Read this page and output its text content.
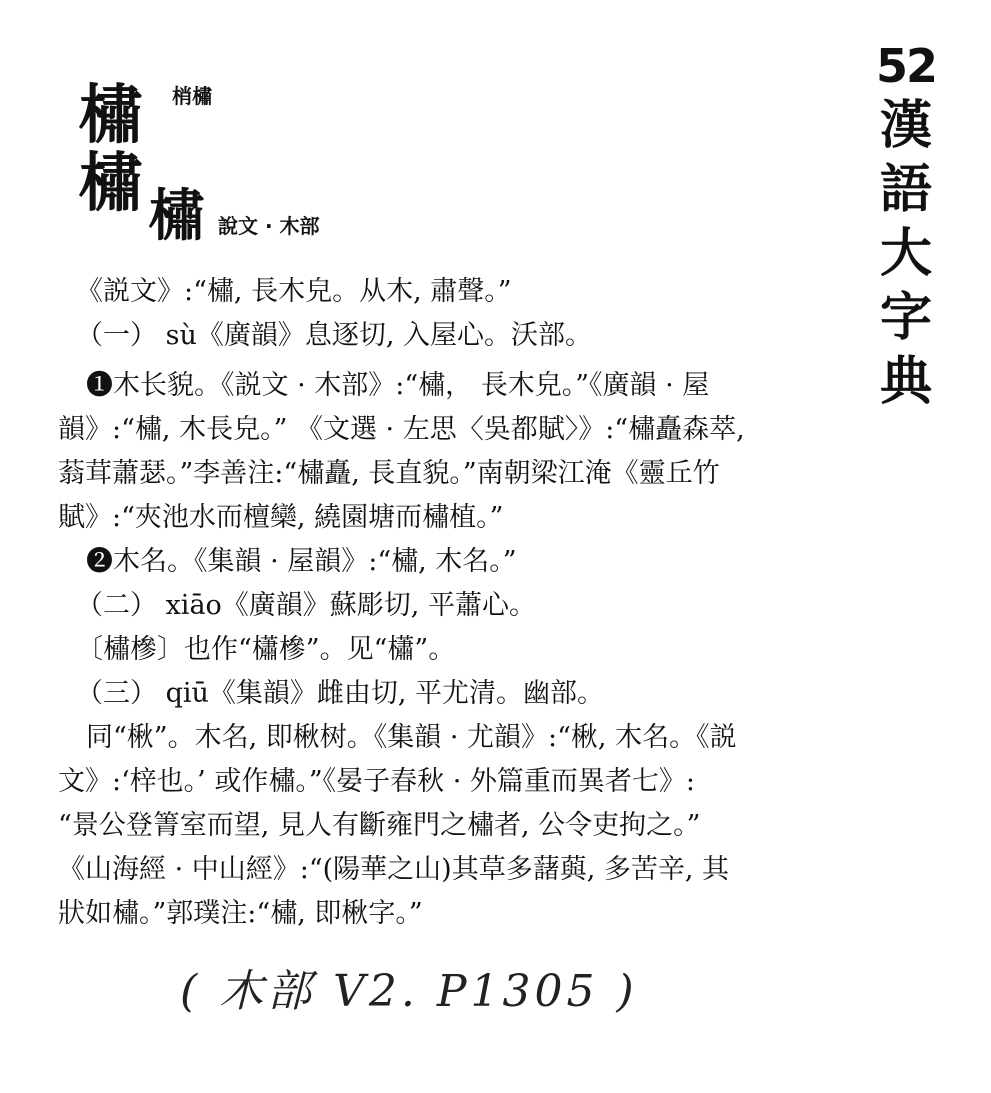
52
漢
語
大
字
典
橚 梢橚
橚 橚 說文 · 木部
《説文》:“橚, 長木皃。从木, 肅聲。”
（一） sù《廣韻》息逐切, 入屋心。沃部。
❶木长貌。《説文 · 木部》:“橚， 長木皃。”《廣韻 · 屋
韻》:“橚, 木長皃。” 《文選 · 左思〈吳都賦〉》:“橚矗森萃,
蓊茸蕭瑟。”李善注:“橚矗, 長直貌。”南朝梁江淹《靈丘竹
賦》:“夾池水而檀欒, 繞園塘而橚植。”
❷木名。《集韻 · 屋韻》:“橚, 木名。”
（二） xiāo《廣韻》蘇彫切, 平蕭心。
〔橚槮〕也作“櫹槮”。见“櫹”。
（三） qiū《集韻》雌由切, 平尤清。幽部。
同“楸”。木名, 即楸树。《集韻 · 尤韻》:“楸, 木名。《説
文》:‘梓也。’ 或作橚。”《晏子春秋 · 外篇重而異者七》:
“景公登箐室而望, 見人有斷雍門之橚者, 公令吏拘之。”
《山海經 · 中山經》:“(陽華之山)其草多藷藇, 多苦辛, 其
狀如橚。”郭璞注:“橚, 即楸字。”
( 木部 V2. P1305 )
